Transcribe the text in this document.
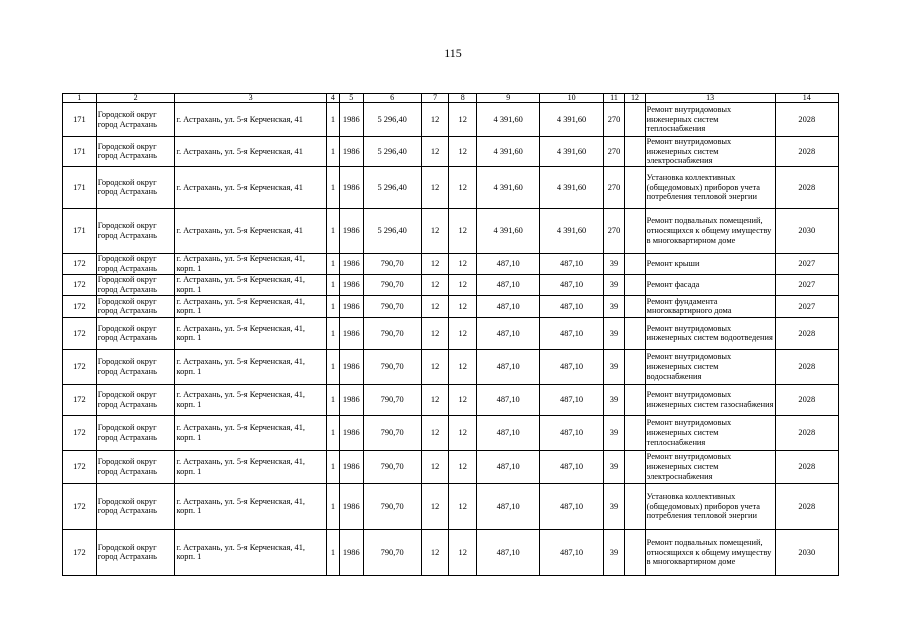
115
1	2	3	4	5	6	7	8	9	10	11	12	13	14
171	Городской округ город Астрахань	г. Астрахань, ул. 5-я Керченская, 41	1	1986	5 296,40	12	12	4 391,60	4 391,60	270		Ремонт внутридомовых инженерных систем теплоснабжения	2028
171	Городской округ город Астрахань	г. Астрахань, ул. 5-я Керченская, 41	1	1986	5 296,40	12	12	4 391,60	4 391,60	270		Ремонт внутридомовых инженерных систем электроснабжения	2028
171	Городской округ город Астрахань	г. Астрахань, ул. 5-я Керченская, 41	1	1986	5 296,40	12	12	4 391,60	4 391,60	270		Установка коллективных (общедомовых) приборов учета потребления тепловой энергии	2028
171	Городской округ город Астрахань	г. Астрахань, ул. 5-я Керченская, 41	1	1986	5 296,40	12	12	4 391,60	4 391,60	270		Ремонт подвальных помещений, относящихся к общему имуществу в многоквартирном доме	2030
172	Городской округ город Астрахань	г. Астрахань, ул. 5-я Керченская, 41, корп. 1	1	1986	790,70	12	12	487,10	487,10	39		Ремонт крыши	2027
172	Городской округ город Астрахань	г. Астрахань, ул. 5-я Керченская, 41, корп. 1	1	1986	790,70	12	12	487,10	487,10	39		Ремонт фасада	2027
172	Городской округ город Астрахань	г. Астрахань, ул. 5-я Керченская, 41, корп. 1	1	1986	790,70	12	12	487,10	487,10	39		Ремонт фундамента многоквартирного дома	2027
172	Городской округ город Астрахань	г. Астрахань, ул. 5-я Керченская, 41, корп. 1	1	1986	790,70	12	12	487,10	487,10	39		Ремонт внутридомовых инженерных систем водоотведения	2028
172	Городской округ город Астрахань	г. Астрахань, ул. 5-я Керченская, 41, корп. 1	1	1986	790,70	12	12	487,10	487,10	39		Ремонт внутридомовых инженерных систем водоснабжения	2028
172	Городской округ город Астрахань	г. Астрахань, ул. 5-я Керченская, 41, корп. 1	1	1986	790,70	12	12	487,10	487,10	39		Ремонт внутридомовых инженерных систем газоснабжения	2028
172	Городской округ город Астрахань	г. Астрахань, ул. 5-я Керченская, 41, корп. 1	1	1986	790,70	12	12	487,10	487,10	39		Ремонт внутридомовых инженерных систем теплоснабжения	2028
172	Городской округ город Астрахань	г. Астрахань, ул. 5-я Керченская, 41, корп. 1	1	1986	790,70	12	12	487,10	487,10	39		Ремонт внутридомовых инженерных систем электроснабжения	2028
172	Городской округ город Астрахань	г. Астрахань, ул. 5-я Керченская, 41, корп. 1	1	1986	790,70	12	12	487,10	487,10	39		Установка коллективных (общедомовых) приборов учета потребления тепловой энергии	2028
172	Городской округ город Астрахань	г. Астрахань, ул. 5-я Керченская, 41, корп. 1	1	1986	790,70	12	12	487,10	487,10	39		Ремонт подвальных помещений, относящихся к общему имуществу в многоквартирном доме	2030
